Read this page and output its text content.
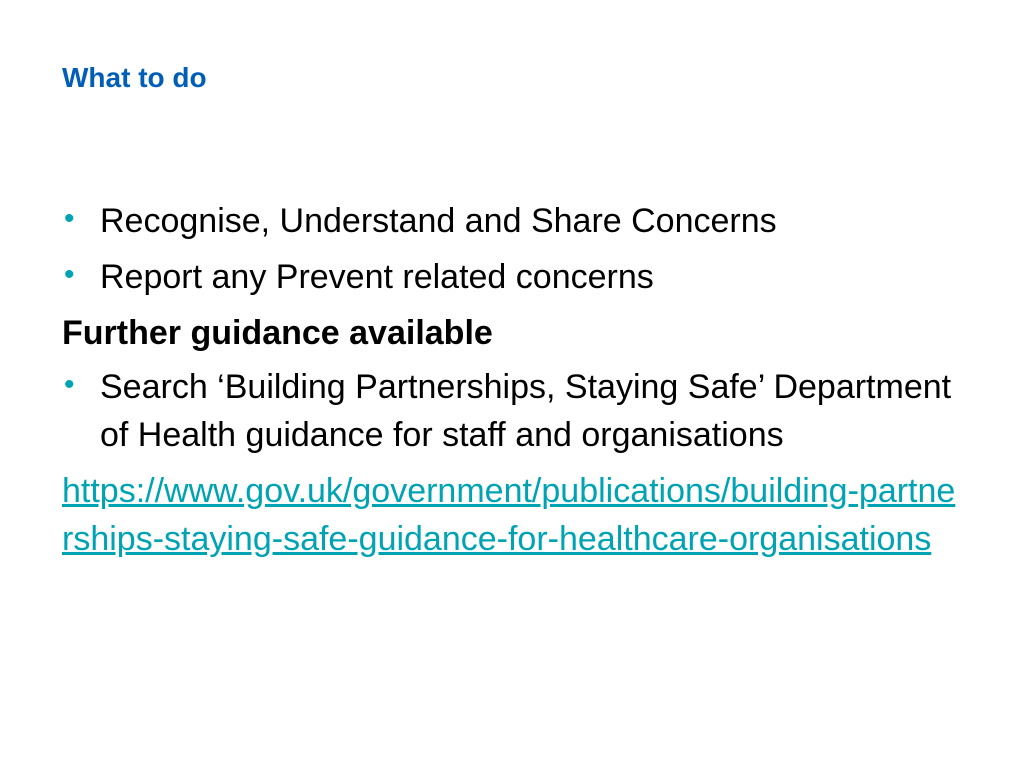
What to do
• Recognise, Understand and Share Concerns
• Report any Prevent related concerns
Further guidance available
• Search ‘Building Partnerships, Staying Safe’ Department of Health guidance for staff and organisations
https://www.gov.uk/government/publications/building-partnerships-staying-safe-guidance-for-healthcare-organisations
